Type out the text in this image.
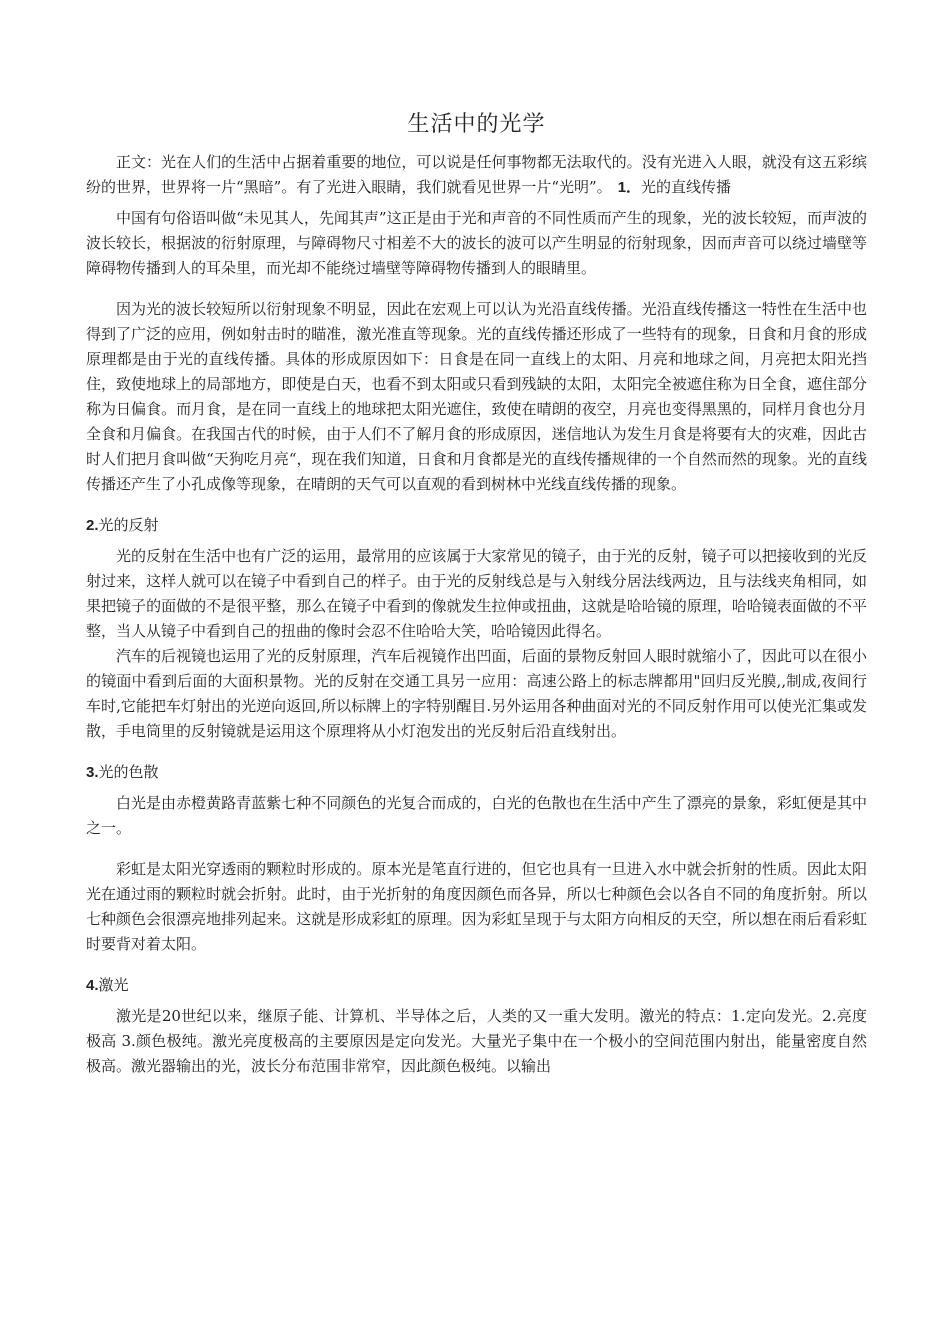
生活中的光学

正文：光在人们的生活中占据着重要的地位，可以说是任何事物都无法取代的。没有光进入人眼，就没有这五彩缤纷的世界，世界将一片“黑暗”。有了光进入眼睛，我们就看见世界一片“光明”。 1．光的直线传播

中国有句俗语叫做“未见其人，先闻其声”这正是由于光和声音的不同性质而产生的现象，光的波长较短，而声波的波长较长，根据波的衍射原理，与障碍物尺寸相差不大的波长的波可以产生明显的衍射现象，因而声音可以绕过墙壁等障碍物传播到人的耳朵里，而光却不能绕过墙壁等障碍物传播到人的眼睛里。

因为光的波长较短所以衍射现象不明显，因此在宏观上可以认为光沿直线传播。光沿直线传播这一特性在生活中也得到了广泛的应用，例如射击时的瞄准，激光准直等现象。光的直线传播还形成了一些特有的现象，日食和月食的形成原理都是由于光的直线传播。具体的形成原因如下：日食是在同一直线上的太阳、月亮和地球之间，月亮把太阳光挡住，致使地球上的局部地方，即使是白天，也看不到太阳或只看到残缺的太阳，太阳完全被遮住称为日全食，遮住部分称为日偏食。而月食，是在同一直线上的地球把太阳光遮住，致使在晴朗的夜空，月亮也变得黑黑的，同样月食也分月全食和月偏食。在我国古代的时候，由于人们不了解月食的形成原因，迷信地认为发生月食是将要有大的灾难，因此古时人们把月食叫做“天狗吃月亮“，现在我们知道，日食和月食都是光的直线传播规律的一个自然而然的现象。光的直线传播还产生了小孔成像等现象，在晴朗的天气可以直观的看到树林中光线直线传播的现象。

2.光的反射

光的反射在生活中也有广泛的运用，最常用的应该属于大家常见的镜子，由于光的反射，镜子可以把接收到的光反射过来，这样人就可以在镜子中看到自己的样子。由于光的反射线总是与入射线分居法线两边，且与法线夹角相同，如果把镜子的面做的不是很平整，那么在镜子中看到的像就发生拉伸或扭曲，这就是哈哈镜的原理，哈哈镜表面做的不平整，当人从镜子中看到自己的扭曲的像时会忍不住哈哈大笑，哈哈镜因此得名。

汽车的后视镜也运用了光的反射原理，汽车后视镜作出凹面，后面的景物反射回人眼时就缩小了，因此可以在很小的镜面中看到后面的大面积景物。光的反射在交通工具另一应用：高速公路上的标志牌都用"回归反光膜,,制成,夜间行车时,它能把车灯射出的光逆向返回,所以标牌上的字特别醒目.另外运用各种曲面对光的不同反射作用可以使光汇集或发散，手电筒里的反射镜就是运用这个原理将从小灯泡发出的光反射后沿直线射出。

3.光的色散

白光是由赤橙黄路青蓝紫七种不同颜色的光复合而成的，白光的色散也在生活中产生了漂亮的景象，彩虹便是其中之一。

彩虹是太阳光穿透雨的颗粒时形成的。原本光是笔直行进的，但它也具有一旦进入水中就会折射的性质。因此太阳光在通过雨的颗粒时就会折射。此时，由于光折射的角度因颜色而各异，所以七种颜色会以各自不同的角度折射。所以七种颜色会很漂亮地排列起来。这就是形成彩虹的原理。因为彩虹呈现于与太阳方向相反的天空，所以想在雨后看彩虹时要背对着太阳。

4.激光

激光是20世纪以来，继原子能、计算机、半导体之后，人类的又一重大发明。激光的特点：1.定向发光。2.亮度极高 3.颜色极纯。激光亮度极高的主要原因是定向发光。大量光子集中在一个极小的空间范围内射出，能量密度自然极高。激光器输出的光，波长分布范围非常窄，因此颜色极纯。以输出
